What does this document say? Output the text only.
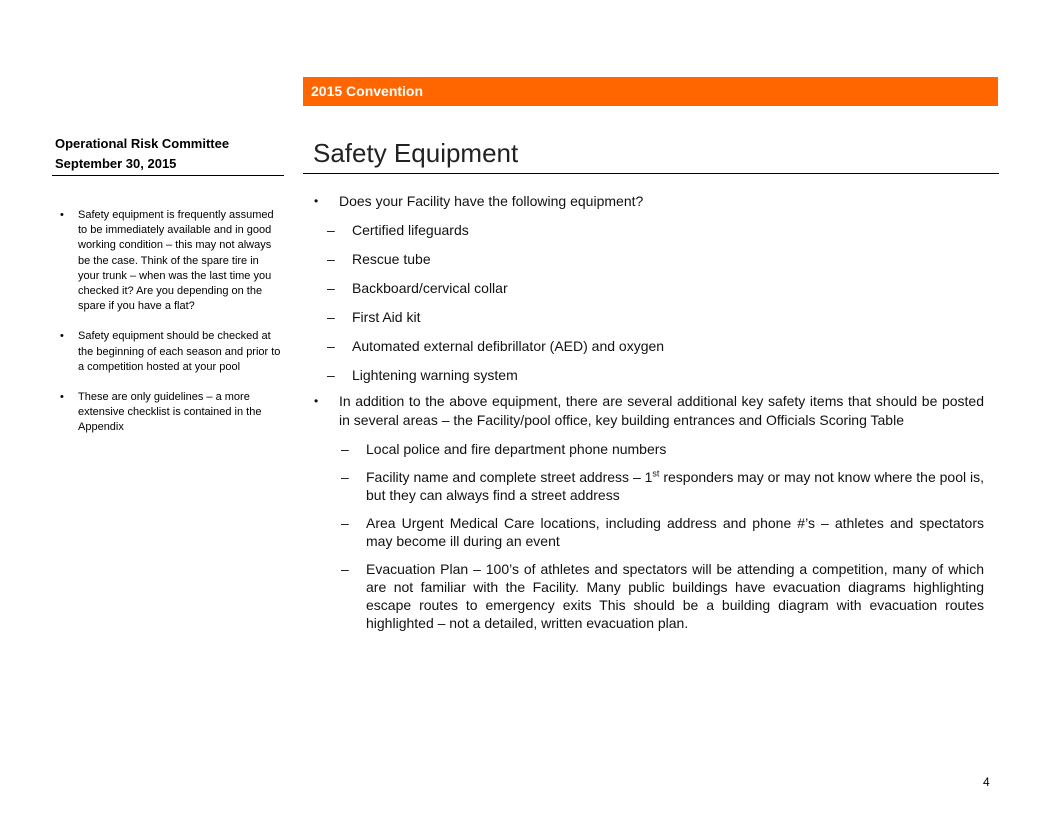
2015 Convention
Operational Risk Committee
September 30, 2015	Safety Equipment
• Safety equipment is frequently assumed to be immediately available and in good working condition – this may not always be the case. Think of the spare tire in your trunk – when was the last time you checked it? Are you depending on the spare if you have a flat?
• Safety equipment should be checked at the beginning of each season and prior to a competition hosted at your pool
• These are only guidelines – a more extensive checklist is contained in the Appendix
• Does your Facility have the following equipment?
– Certified lifeguards
– Rescue tube
– Backboard/cervical collar
– First Aid kit
– Automated external defibrillator (AED) and oxygen
– Lightening warning system
• In addition to the above equipment, there are several additional key safety items that should be posted in several areas – the Facility/pool office, key building entrances and Officials Scoring Table
– Local police and fire department phone numbers
– Facility name and complete street address – 1st responders may or may not know where the pool is, but they can always find a street address
– Area Urgent Medical Care locations, including address and phone #’s – athletes and spectators may become ill during an event
– Evacuation Plan – 100’s of athletes and spectators will be attending a competition, many of which are not familiar with the Facility. Many public buildings have evacuation diagrams highlighting escape routes to emergency exits This should be a building diagram with evacuation routes highlighted – not a detailed, written evacuation plan.
4
